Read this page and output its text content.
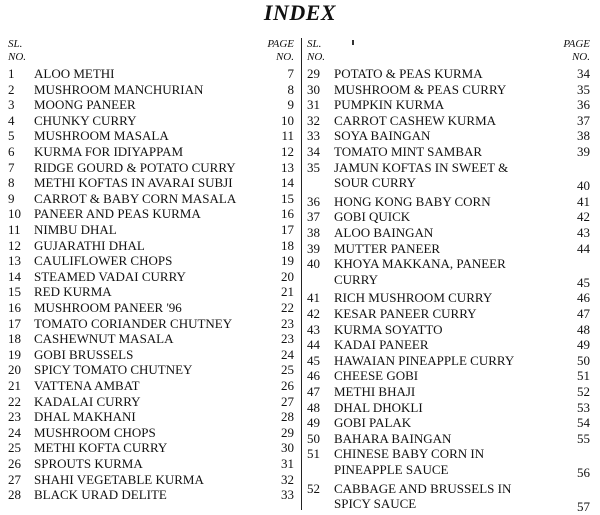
INDEX
SL.
NO.
PAGE
NO.
SL.
NO.
PAGE
NO.
1 ALOO METHI	7
2 MUSHROOM MANCHURIAN	8
3 MOONG PANEER	9
4 CHUNKY CURRY	10
5 MUSHROOM MASALA	11
6 KURMA FOR IDIYAPPAM	12
7 RIDGE GOURD & POTATO CURRY	13
8 METHI KOFTAS IN AVARAI SUBJI	14
9 CARROT & BABY CORN MASALA	15
10 PANEER AND PEAS KURMA	16
11 NIMBU DHAL	17
12 GUJARATHI DHAL	18
13 CAULIFLOWER CHOPS	19
14 STEAMED VADAI CURRY	20
15 RED KURMA	21
16 MUSHROOM PANEER '96	22
17 TOMATO CORIANDER CHUTNEY	23
18 CASHEWNUT MASALA	23
19 GOBI BRUSSELS	24
20 SPICY TOMATO CHUTNEY	25
21 VATTENA AMBAT	26
22 KADALAI CURRY	27
23 DHAL MAKHANI	28
24 MUSHROOM CHOPS	29
25 METHI KOFTA CURRY	30
26 SPROUTS KURMA	31
27 SHAHI VEGETABLE KURMA	32
28 BLACK URAD DELITE	33
29 POTATO & PEAS KURMA	34
30 MUSHROOM & PEAS CURRY	35
31 PUMPKIN KURMA	36
32 CARROT CASHEW KURMA	37
33 SOYA BAINGAN	38
34 TOMATO MINT SAMBAR	39
35 JAMUN KOFTAS IN SWEET &
SOUR CURRY	40
36 HONG KONG BABY CORN	41
37 GOBI QUICK	42
38 ALOO BAINGAN	43
39 MUTTER PANEER	44
40 KHOYA MAKKANA, PANEER
CURRY	45
41 RICH MUSHROOM CURRY	46
42 KESAR PANEER CURRY	47
43 KURMA SOYATTO	48
44 KADAI PANEER	49
45 HAWAIAN PINEAPPLE CURRY	50
46 CHEESE GOBI	51
47 METHI BHAJI	52
48 DHAL DHOKLI	53
49 GOBI PALAK	54
50 BAHARA BAINGAN	55
51 CHINESE BABY CORN IN
PINEAPPLE SAUCE	56
52 CABBAGE AND BRUSSELS IN
SPICY SAUCE	57
